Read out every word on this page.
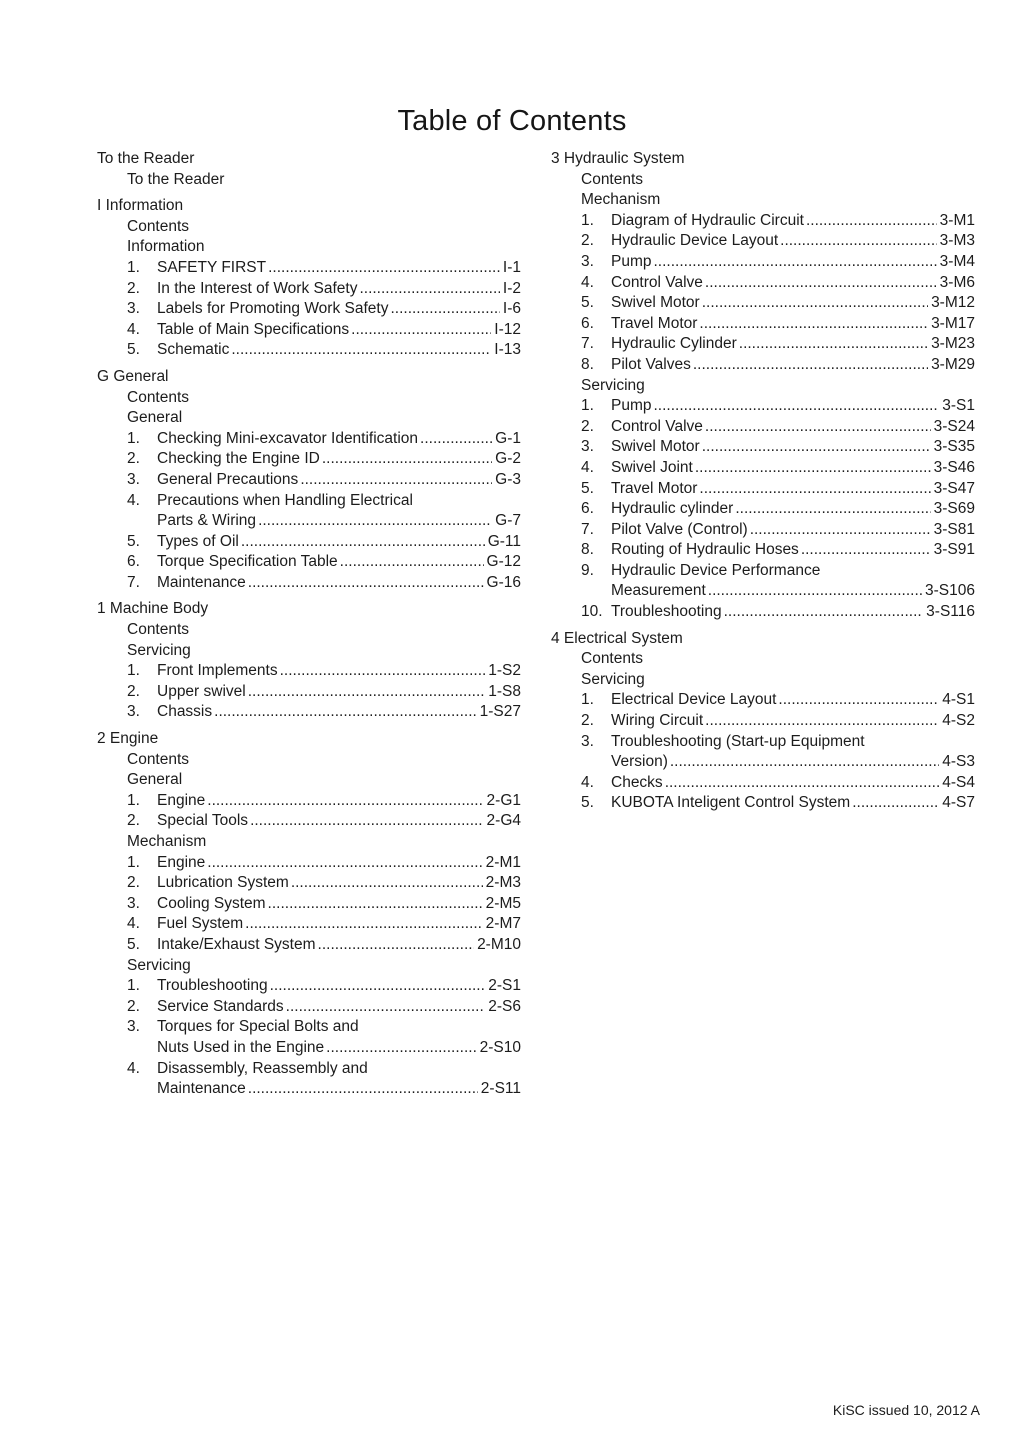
Table of Contents
To the Reader
To the Reader
I Information
Contents
Information
1.	SAFETY FIRST .....	I-1
2.	In the Interest of Work Safety .....	I-2
3.	Labels for Promoting Work Safety .....	I-6
4.	Table of Main Specifications .....	I-12
5.	Schematic .....	I-13
G General
Contents
General
1.	Checking Mini-excavator Identification .....	G-1
2.	Checking the Engine ID .....	G-2
3.	General Precautions .....	G-3
4.	Precautions when Handling Electrical
Parts & Wiring .....	G-7
5.	Types of Oil .....	G-11
6.	Torque Specification Table .....	G-12
7.	Maintenance .....	G-16
1 Machine Body
Contents
Servicing
1.	Front Implements .....	1-S2
2.	Upper swivel .....	1-S8
3.	Chassis .....	1-S27
2 Engine
Contents
General
1.	Engine .....	2-G1
2.	Special Tools .....	2-G4
Mechanism
1.	Engine .....	2-M1
2.	Lubrication System .....	2-M3
3.	Cooling System .....	2-M5
4.	Fuel System .....	2-M7
5.	Intake/Exhaust System .....	2-M10
Servicing
1.	Troubleshooting .....	2-S1
2.	Service Standards .....	2-S6
3.	Torques for Special Bolts and
Nuts Used in the Engine .....	2-S10
4.	Disassembly, Reassembly and
Maintenance .....	2-S11
3 Hydraulic System
Contents
Mechanism
1.	Diagram of Hydraulic Circuit .....	3-M1
2.	Hydraulic Device Layout .....	3-M3
3.	Pump .....	3-M4
4.	Control Valve .....	3-M6
5.	Swivel Motor .....	3-M12
6.	Travel Motor .....	3-M17
7.	Hydraulic Cylinder .....	3-M23
8.	Pilot Valves .....	3-M29
Servicing
1.	Pump .....	3-S1
2.	Control Valve .....	3-S24
3.	Swivel Motor .....	3-S35
4.	Swivel Joint .....	3-S46
5.	Travel Motor .....	3-S47
6.	Hydraulic cylinder .....	3-S69
7.	Pilot Valve (Control) .....	3-S81
8.	Routing of Hydraulic Hoses .....	3-S91
9.	Hydraulic Device Performance
Measurement .....	3-S106
10. Troubleshooting .....	3-S116
4 Electrical System
Contents
Servicing
1.	Electrical Device Layout .....	4-S1
2.	Wiring Circuit .....	4-S2
3.	Troubleshooting (Start-up Equipment
Version) .....	4-S3
4.	Checks .....	4-S4
5.	KUBOTA Inteligent Control System .....	4-S7
KiSC issued 10, 2012 A
